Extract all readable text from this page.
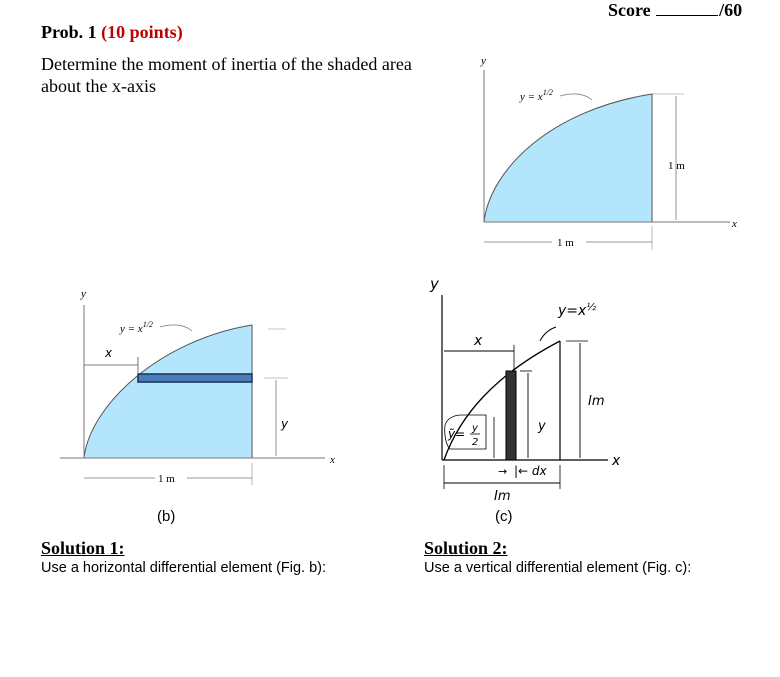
Score	/60
Prob. 1 (10 points)
Determine the moment of inertia of the shaded area about the x-axis
y
x
$y = x^{1/2}$
1 m
1 m
y
x
$y = x^{1/2}$
x
y
1 m
(b)
y
x
$y=x^{\frac{1}{2}}$
x
y
ỹ= y
2
→ |← dx
Im
Im
(c)
Solution 1:
Use a horizontal differential element (Fig. b):
Solution 2:
Use a vertical differential element (Fig. c):
